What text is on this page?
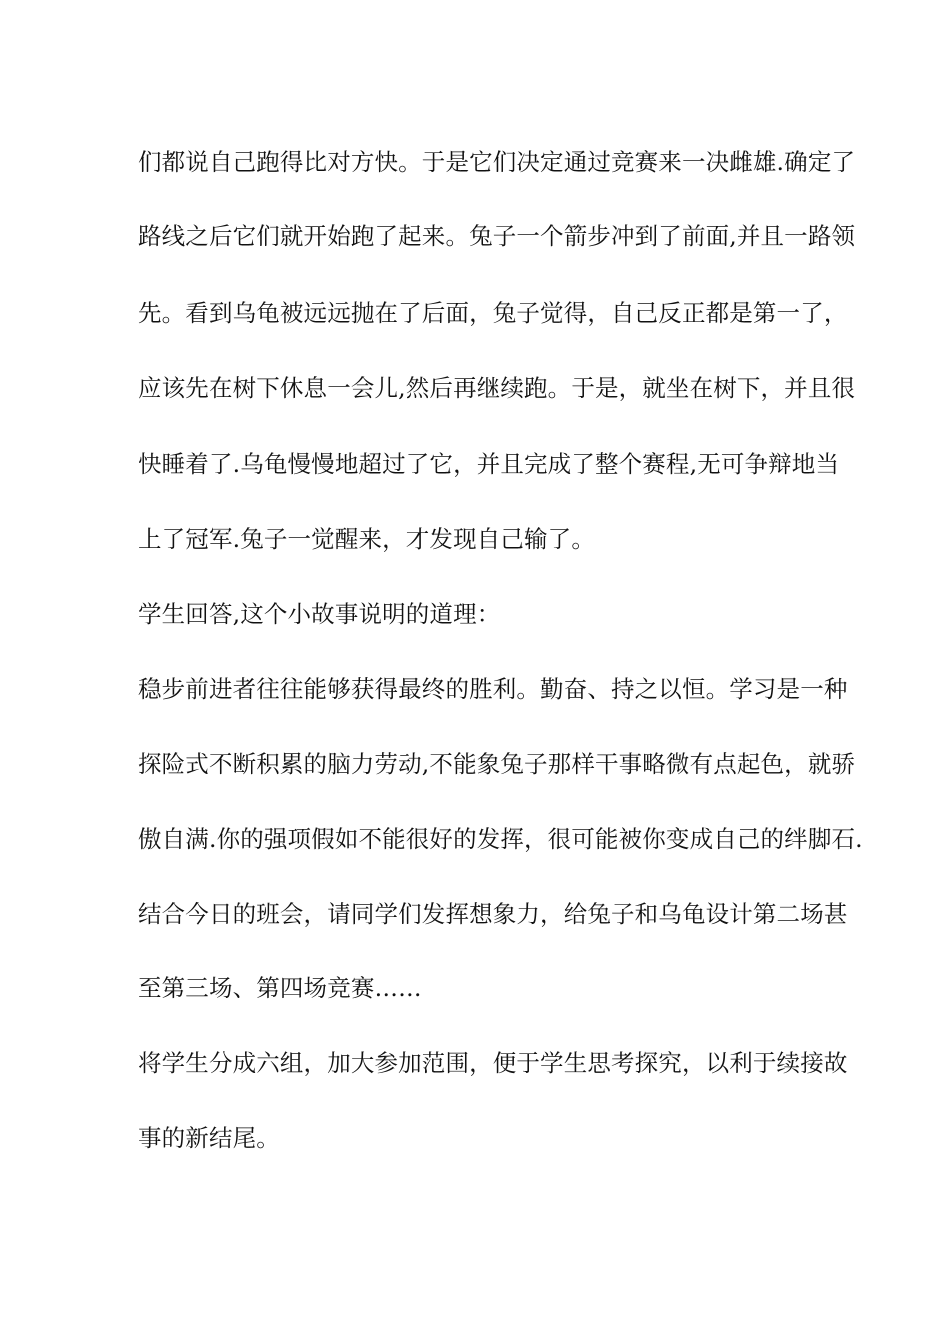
们都说自己跑得比对方快。于是它们决定通过竞赛来一决雌雄.确定了

路线之后它们就开始跑了起来。兔子一个箭步冲到了前面,并且一路领

先。看到乌龟被远远抛在了后面，兔子觉得，自己反正都是第一了，

应该先在树下休息一会儿,然后再继续跑。于是，就坐在树下，并且很

快睡着了.乌龟慢慢地超过了它，并且完成了整个赛程,无可争辩地当

上了冠军.兔子一觉醒来，才发现自己输了。

学生回答,这个小故事说明的道理：

稳步前进者往往能够获得最终的胜利。勤奋、持之以恒。学习是一种

探险式不断积累的脑力劳动,不能象兔子那样干事略微有点起色，就骄

傲自满.你的强项假如不能很好的发挥，很可能被你变成自己的绊脚石.

结合今日的班会，请同学们发挥想象力，给兔子和乌龟设计第二场甚

至第三场、第四场竞赛……

将学生分成六组，加大参加范围，便于学生思考探究，以利于续接故

事的新结尾。
